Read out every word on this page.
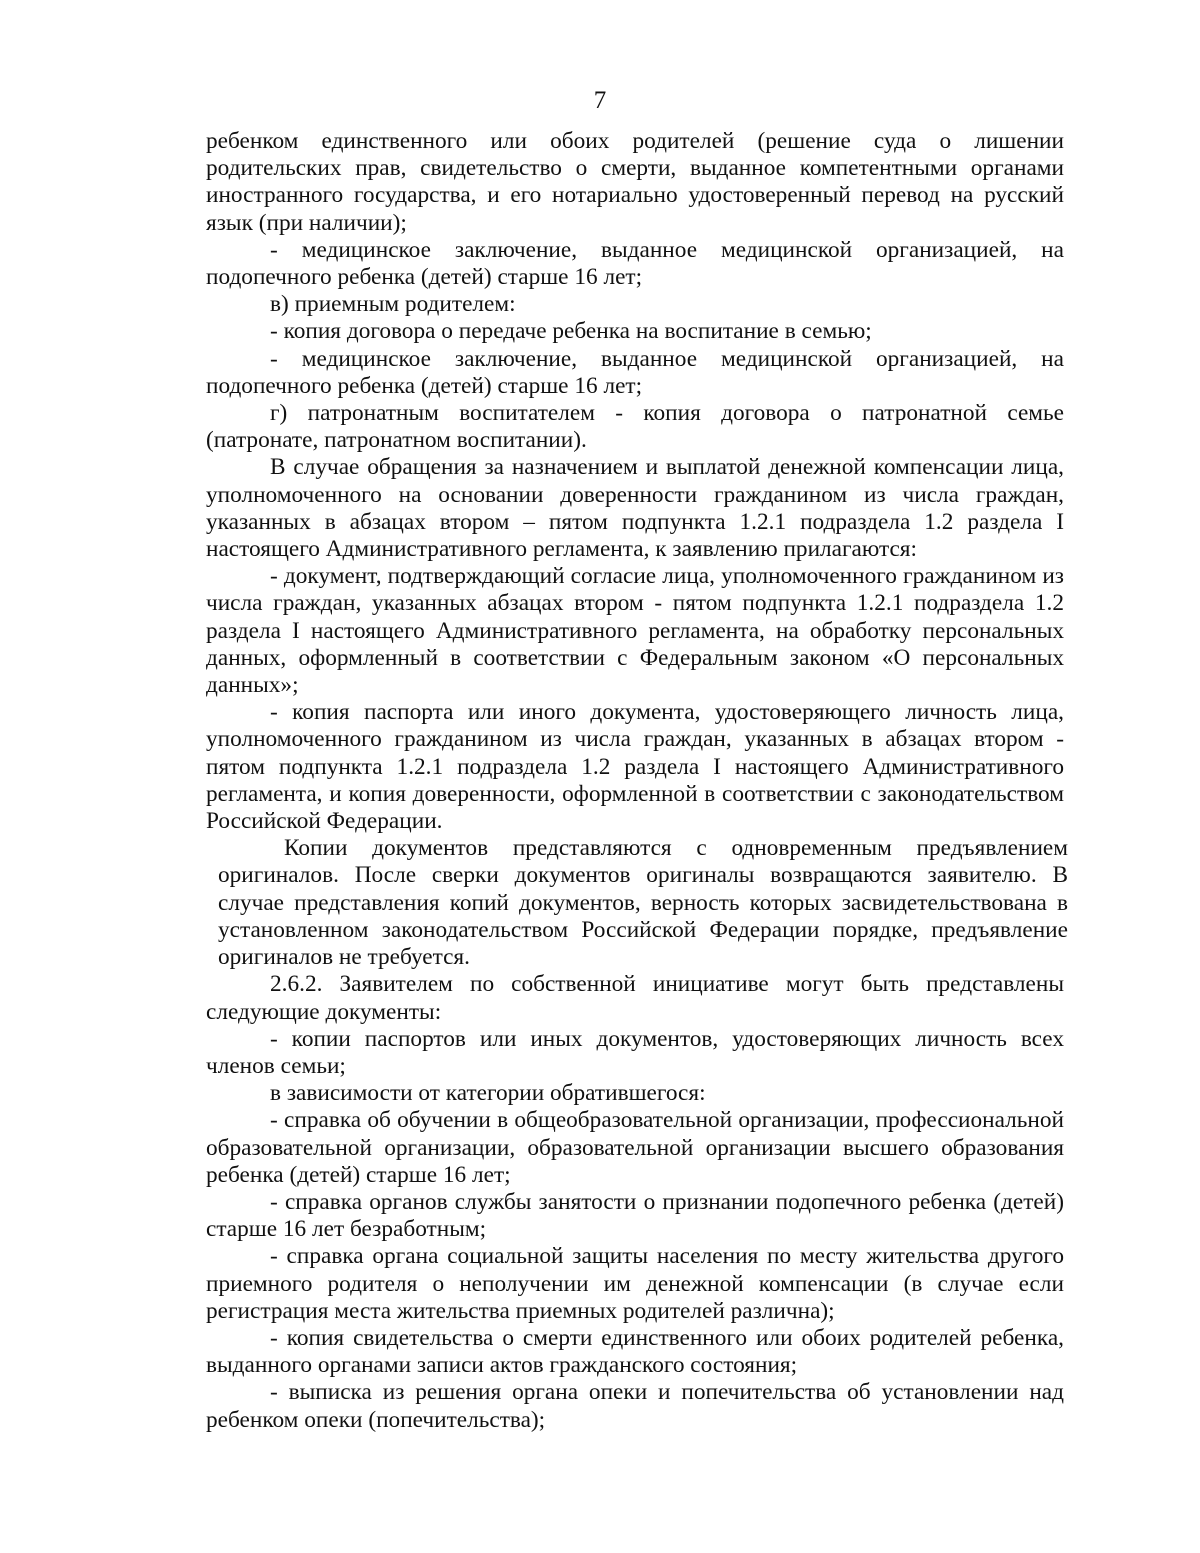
7

ребенком единственного или обоих родителей (решение суда о лишении родительских прав, свидетельство о смерти, выданное компетентными органами иностранного государства, и его нотариально удостоверенный перевод на русский язык (при наличии);

- медицинское заключение, выданное медицинской организацией, на подопечного ребенка (детей) старше 16 лет;

в) приемным родителем:

- копия договора о передаче ребенка на воспитание в семью;

- медицинское заключение, выданное медицинской организацией, на подопечного ребенка (детей) старше 16 лет;

г) патронатным воспитателем - копия договора о патронатной семье (патронате, патронатном воспитании).

В случае обращения за назначением и выплатой денежной компенсации лица, уполномоченного на основании доверенности гражданином из числа граждан, указанных в абзацах втором – пятом подпункта 1.2.1 подраздела 1.2 раздела I настоящего Административного регламента, к заявлению прилагаются:

- документ, подтверждающий согласие лица, уполномоченного гражданином из числа граждан, указанных абзацах втором - пятом подпункта 1.2.1 подраздела 1.2 раздела I настоящего Административного регламента, на обработку персональных данных, оформленный в соответствии с Федеральным законом «О персональных данных»;

- копия паспорта или иного документа, удостоверяющего личность лица, уполномоченного гражданином из числа граждан, указанных в абзацах втором - пятом подпункта 1.2.1 подраздела 1.2 раздела I настоящего Административного регламента, и копия доверенности, оформленной в соответствии с законодательством Российской Федерации.

Копии документов представляются с одновременным предъявлением оригиналов. После сверки документов оригиналы возвращаются заявителю. В случае представления копий документов, верность которых засвидетельствована в установленном законодательством Российской Федерации порядке, предъявление оригиналов не требуется.

2.6.2. Заявителем по собственной инициативе могут быть представлены следующие документы:

- копии паспортов или иных документов, удостоверяющих личность всех членов семьи;

в зависимости от категории обратившегося:

- справка об обучении в общеобразовательной организации, профессиональной образовательной организации, образовательной организации высшего образования ребенка (детей) старше 16 лет;

- справка органов службы занятости о признании подопечного ребенка (детей) старше 16 лет безработным;

- справка органа социальной защиты населения по месту жительства другого приемного родителя о неполучении им денежной компенсации (в случае если регистрация места жительства приемных родителей различна);

- копия свидетельства о смерти единственного или обоих родителей ребенка, выданного органами записи актов гражданского состояния;

- выписка из решения органа опеки и попечительства об установлении над ребенком опеки (попечительства);
